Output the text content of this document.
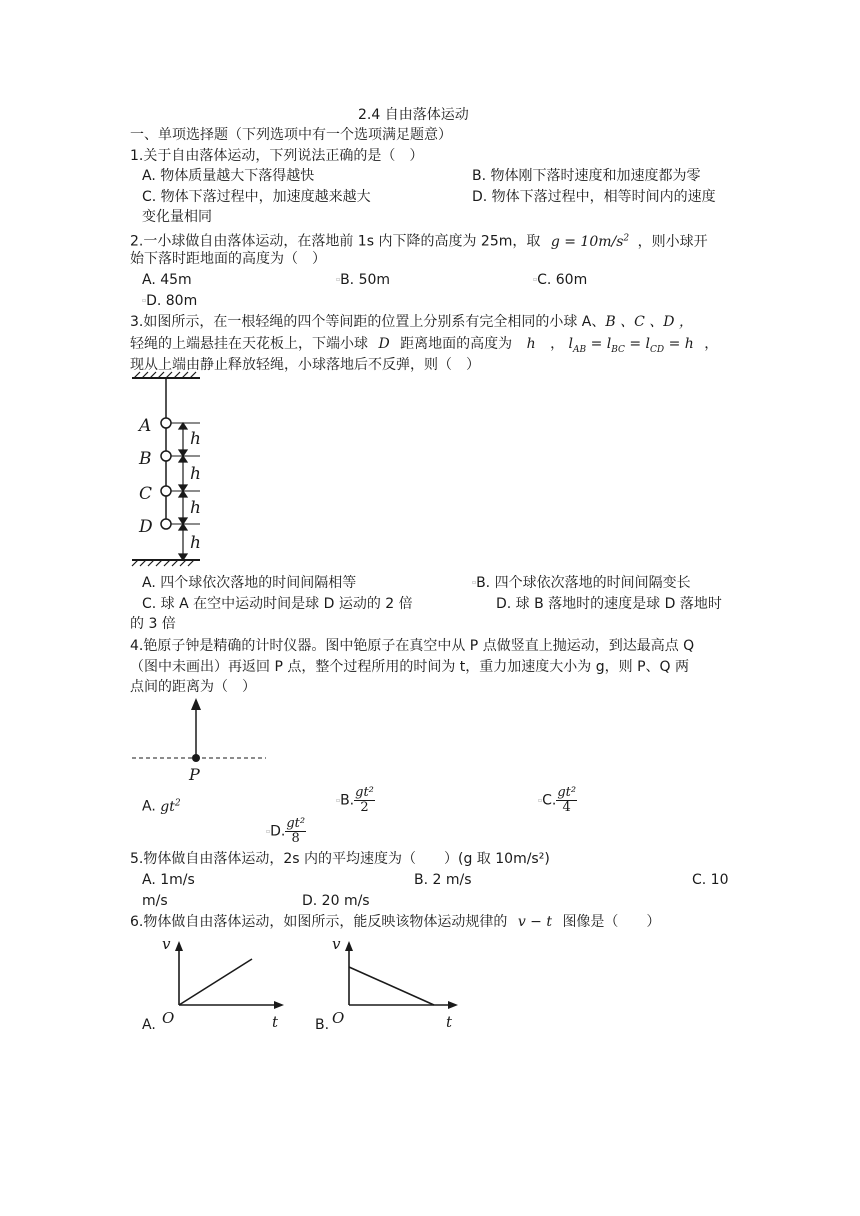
2.4 自由落体运动
一、单项选择题（下列选项中有一个选项满足题意）
1.关于自由落体运动，下列说法正确的是（　）
A. 物体质量越大下落得越快	B. 物体刚下落时速度和加速度都为零
C. 物体下落过程中，加速度越来越大	D. 物体下落过程中，相等时间内的速度
变化量相同
2.一小球做自由落体运动，在落地前 1s 内下降的高度为 25m，取 $g = 10m/s^2$ ，则小球开
始下落时距地面的高度为（　）
A. 45m	▫B. 50m	▫C. 60m
▫D. 80m
3.如图所示，在一根轻绳的四个等间距的位置上分别系有完全相同的小球 A、B 、C 、D ，
轻绳的上端悬挂在天花板上，下端小球 D 距离地面的高度为 h ， $l_{AB} = l_{BC} = l_{CD} = h$ ，
现从上端由静止释放轻绳，小球落地后不反弹，则（　）
A
B
C
D
h
h
h
h
A. 四个球依次落地的时间间隔相等	▫B. 四个球依次落地的时间间隔变长
C. 球 A 在空中运动时间是球 D 运动的 2 倍	D. 球 B 落地时的速度是球 D 落地时
的 3 倍
4.铯原子钟是精确的计时仪器。图中铯原子在真空中从 P 点做竖直上抛运动，到达最高点 Q
（图中未画出）再返回 P 点，整个过程所用的时间为 t，重力加速度大小为 g，则 P、Q 两
点间的距离为（　）
P
A. $gt^2$	▫B. $\frac{\text{gt²}}{2}$	▫C. $\frac{\text{gt²}}{4}$
▫D. $\frac{\text{gt²}}{8}$
5.物体做自由落体运动，2s 内的平均速度为（　　）(g 取 10m/s²)
A. 1m/s	B. 2 m/s	C. 10
m/s	D. 20 m/s
6.物体做自由落体运动，如图所示，能反映该物体运动规律的 v − t 图像是（　　）
A.
v
O	t	B.
v
O	t
